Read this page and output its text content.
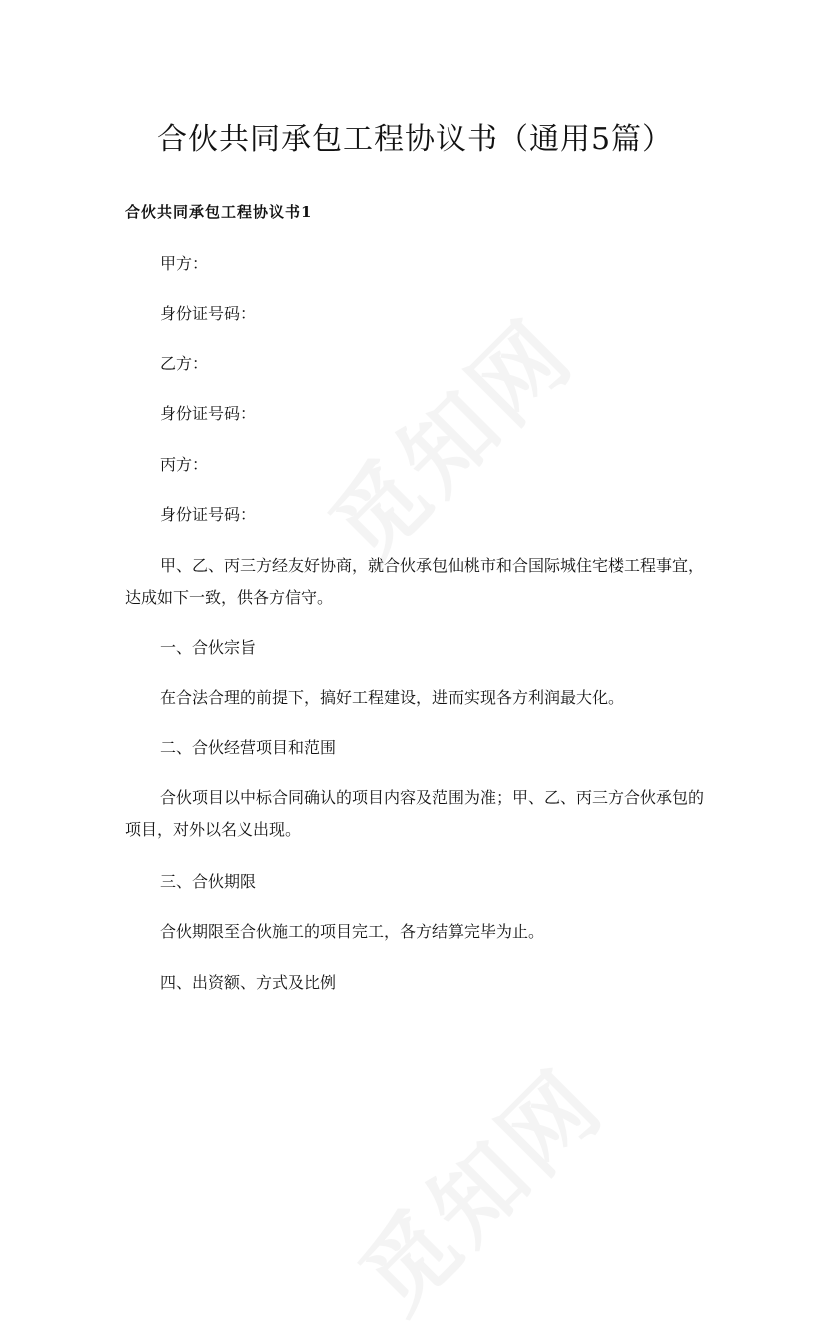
合伙共同承包工程协议书（通用5篇）
合伙共同承包工程协议书1

甲方：

身份证号码：

乙方：

身份证号码：

丙方：

身份证号码：

甲、乙、丙三方经友好协商，就合伙承包仙桃市和合国际城住宅楼工程事宜，达成如下一致，供各方信守。

一、合伙宗旨

在合法合理的前提下，搞好工程建设，进而实现各方利润最大化。

二、合伙经营项目和范围

合伙项目以中标合同确认的项目内容及范围为准；甲、乙、丙三方合伙承包的项目，对外以名义出现。

三、合伙期限

合伙期限至合伙施工的项目完工，各方结算完毕为止。

四、出资额、方式及比例
